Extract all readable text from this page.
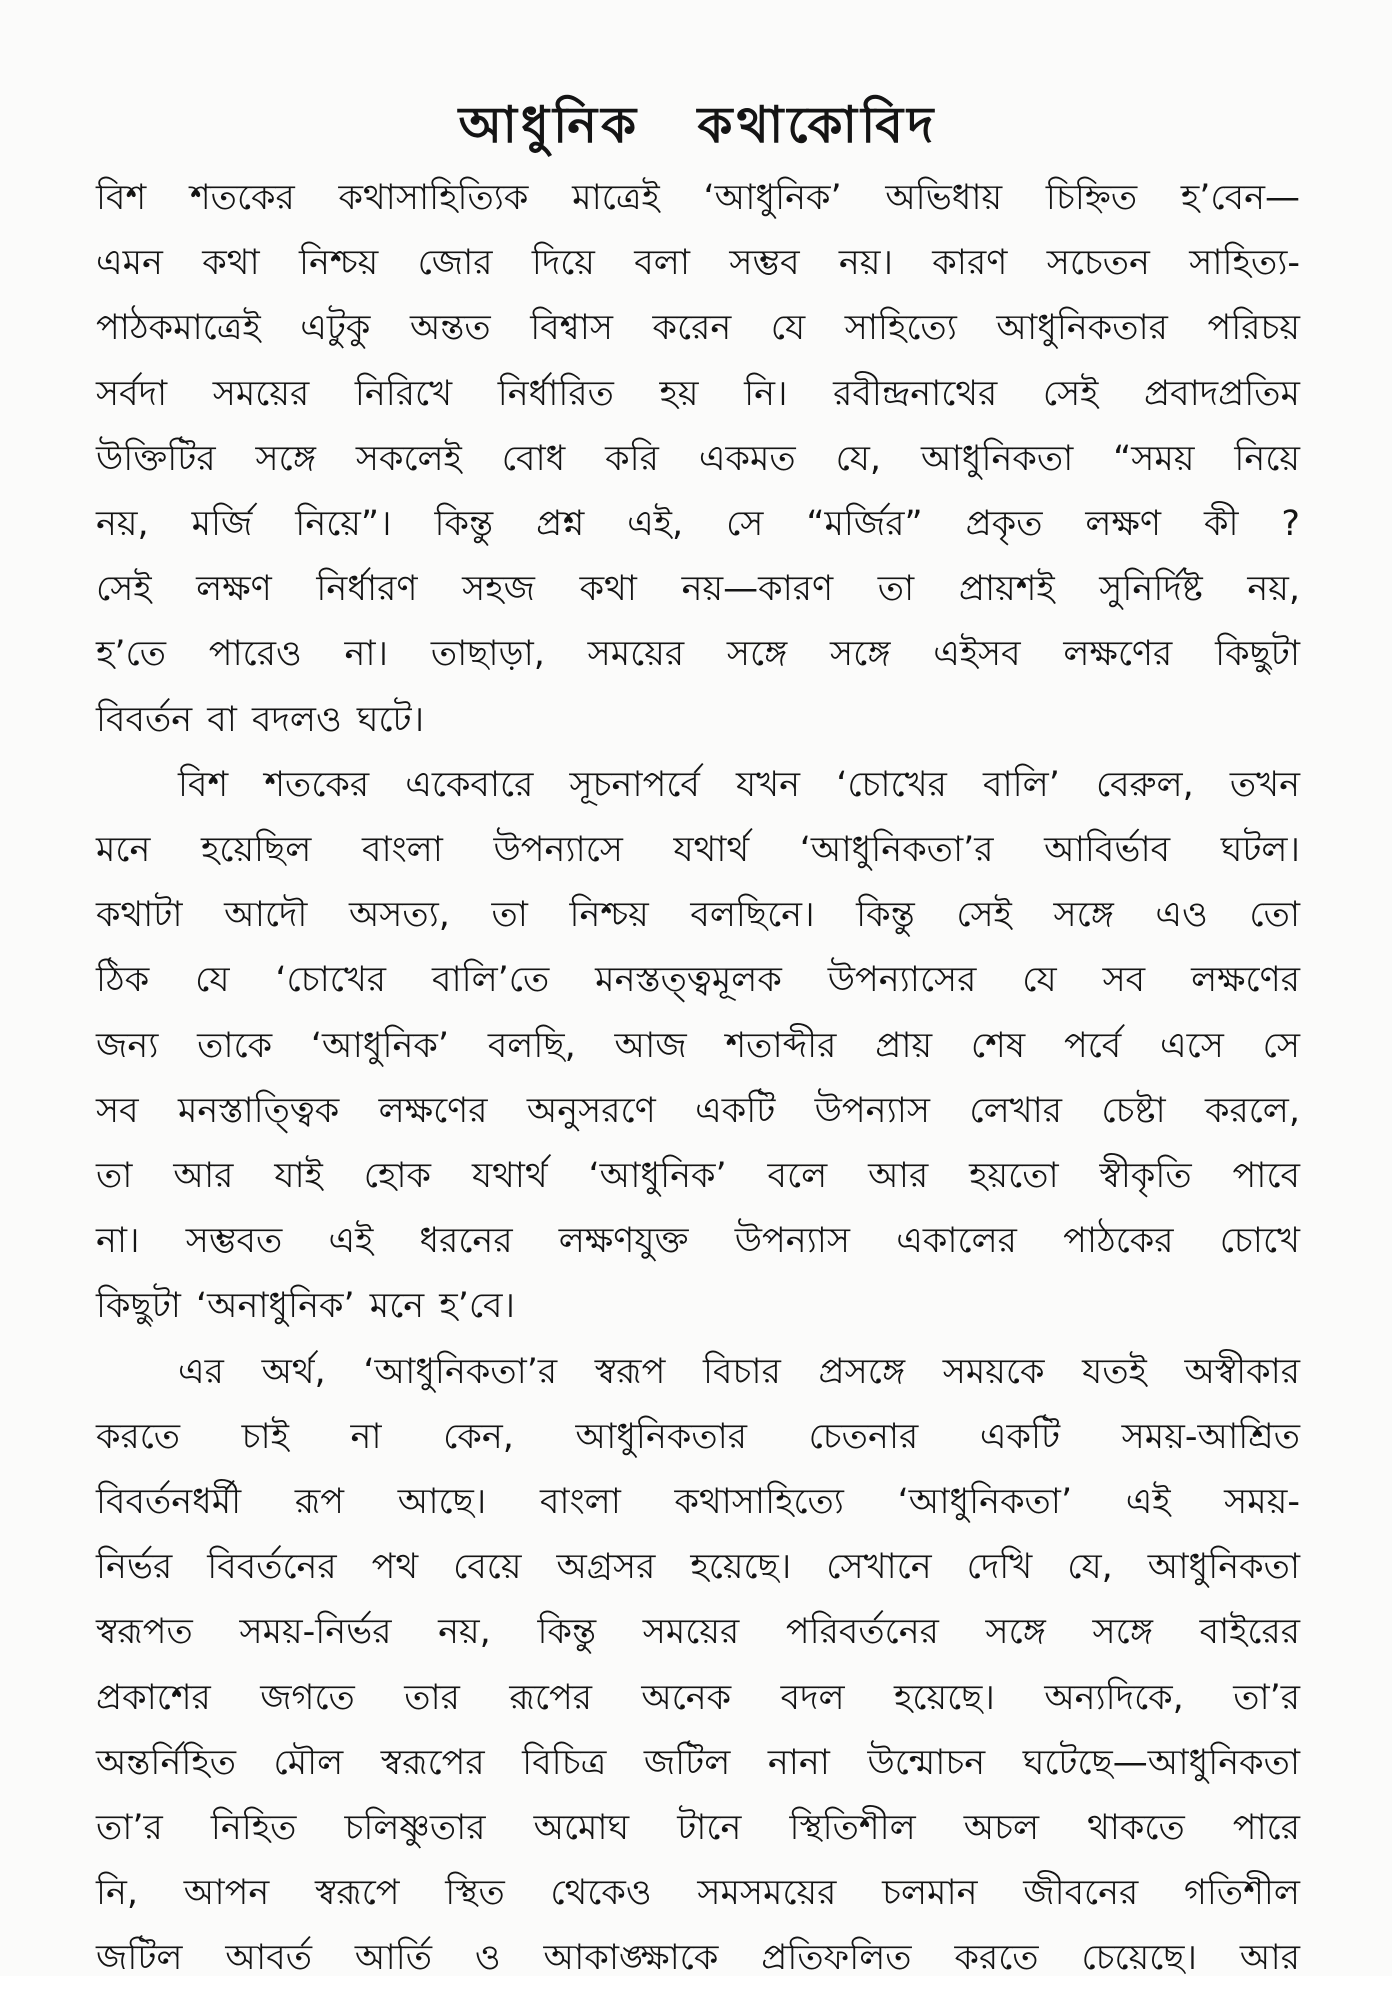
আধুনিক কথাকোবিদ
বিশ শতকের কথাসাহিত্যিক মাত্রেই ‘আধুনিক’ অভিধায় চিহ্নিত হ’বেন—
এমন কথা নিশ্চয় জোর দিয়ে বলা সম্ভব নয়। কারণ সচেতন সাহিত্য-
পাঠকমাত্রেই এটুকু অন্তত বিশ্বাস করেন যে সাহিত্যে আধুনিকতার পরিচয়
সর্বদা সময়ের নিরিখে নির্ধারিত হয় নি। রবীন্দ্রনাথের সেই প্রবাদপ্রতিম
উক্তিটির সঙ্গে সকলেই বোধ করি একমত যে, আধুনিকতা “সময় নিয়ে
নয়, মর্জি নিয়ে”। কিন্তু প্রশ্ন এই, সে “মর্জির” প্রকৃত লক্ষণ কী ?
সেই লক্ষণ নির্ধারণ সহজ কথা নয়—কারণ তা প্রায়শই সুনির্দিষ্ট নয়,
হ’তে পারেও না। তাছাড়া, সময়ের সঙ্গে সঙ্গে এইসব লক্ষণের কিছুটা
বিবর্তন বা বদলও ঘটে।
বিশ শতকের একেবারে সূচনাপর্বে যখন ‘চোখের বালি’ বেরুল, তখন
মনে হয়েছিল বাংলা উপন্যাসে যথার্থ ‘আধুনিকতা’র আবির্ভাব ঘটল।
কথাটা আদৌ অসত্য, তা নিশ্চয় বলছিনে। কিন্তু সেই সঙ্গে এও তো
ঠিক যে ‘চোখের বালি’তে মনস্তত্ত্বমূলক উপন্যাসের যে সব লক্ষণের
জন্য তাকে ‘আধুনিক’ বলছি, আজ শতাব্দীর প্রায় শেষ পর্বে এসে সে
সব মনস্তাত্ত্বিক লক্ষণের অনুসরণে একটি উপন্যাস লেখার চেষ্টা করলে,
তা আর যাই হোক যথার্থ ‘আধুনিক’ বলে আর হয়তো স্বীকৃতি পাবে
না। সম্ভবত এই ধরনের লক্ষণযুক্ত উপন্যাস একালের পাঠকের চোখে
কিছুটা ‘অনাধুনিক’ মনে হ’বে।
এর অর্থ, ‘আধুনিকতা’র স্বরূপ বিচার প্রসঙ্গে সময়কে যতই অস্বীকার
করতে চাই না কেন, আধুনিকতার চেতনার একটি সময়-আশ্রিত
বিবর্তনধর্মী রূপ আছে। বাংলা কথাসাহিত্যে ‘আধুনিকতা’ এই সময়-
নির্ভর বিবর্তনের পথ বেয়ে অগ্রসর হয়েছে। সেখানে দেখি যে, আধুনিকতা
স্বরূপত সময়-নির্ভর নয়, কিন্তু সময়ের পরিবর্তনের সঙ্গে সঙ্গে বাইরের
প্রকাশের জগতে তার রূপের অনেক বদল হয়েছে। অন্যদিকে, তা’র
অন্তর্নিহিত মৌল স্বরূপের বিচিত্র জটিল নানা উন্মোচন ঘটেছে—আধুনিকতা
তা’র নিহিত চলিষ্ণুতার অমোঘ টানে স্থিতিশীল অচল থাকতে পারে
নি, আপন স্বরূপে স্থিত থেকেও সমসময়ের চলমান জীবনের গতিশীল
জটিল আবর্ত আর্তি ও আকাঙ্ক্ষাকে প্রতিফলিত করতে চেয়েছে। আর
